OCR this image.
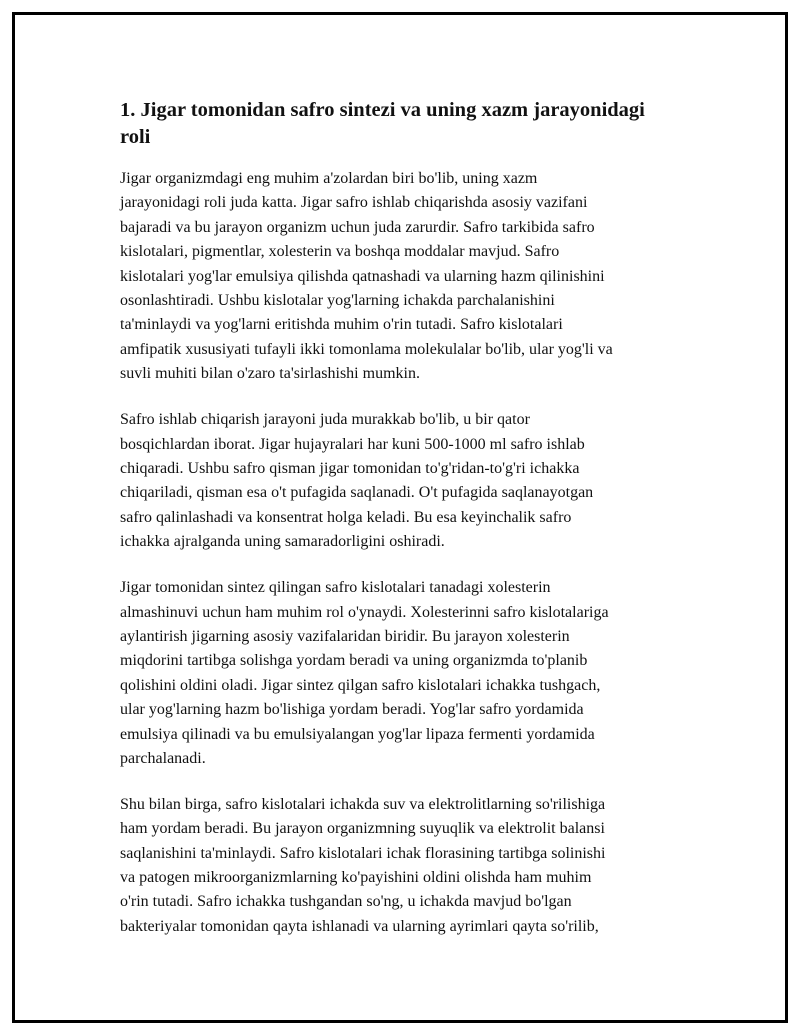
1. Jigar tomonidan safro sintezi va uning xazm jarayonidagi
roli

Jigar organizmdagi eng muhim a'zolardan biri bo'lib, uning xazm
jarayonidagi roli juda katta. Jigar safro ishlab chiqarishda asosiy vazifani
bajaradi va bu jarayon organizm uchun juda zarurdir. Safro tarkibida safro
kislotalari, pigmentlar, xolesterin va boshqa moddalar mavjud. Safro
kislotalari yog'lar emulsiya qilishda qatnashadi va ularning hazm qilinishini
osonlashtiradi. Ushbu kislotalar yog'larning ichakda parchalanishini
ta'minlaydi va yog'larni eritishda muhim o'rin tutadi. Safro kislotalari
amfipatik xususiyati tufayli ikki tomonlama molekulalar bo'lib, ular yog'li va
suvli muhiti bilan o'zaro ta'sirlashishi mumkin.

Safro ishlab chiqarish jarayoni juda murakkab bo'lib, u bir qator
bosqichlardan iborat. Jigar hujayralari har kuni 500-1000 ml safro ishlab
chiqaradi. Ushbu safro qisman jigar tomonidan to'g'ridan-to'g'ri ichakka
chiqariladi, qisman esa o't pufagida saqlanadi. O't pufagida saqlanayotgan
safro qalinlashadi va konsentrat holga keladi. Bu esa keyinchalik safro
ichakka ajralganda uning samaradorligini oshiradi.

Jigar tomonidan sintez qilingan safro kislotalari tanadagi xolesterin
almashinuvi uchun ham muhim rol o'ynaydi. Xolesterinni safro kislotalariga
aylantirish jigarning asosiy vazifalaridan biridir. Bu jarayon xolesterin
miqdorini tartibga solishga yordam beradi va uning organizmda to'planib
qolishini oldini oladi. Jigar sintez qilgan safro kislotalari ichakka tushgach,
ular yog'larning hazm bo'lishiga yordam beradi. Yog'lar safro yordamida
emulsiya qilinadi va bu emulsiyalangan yog'lar lipaza fermenti yordamida
parchalanadi.

Shu bilan birga, safro kislotalari ichakda suv va elektrolitlarning so'rilishiga
ham yordam beradi. Bu jarayon organizmning suyuqlik va elektrolit balansi
saqlanishini ta'minlaydi. Safro kislotalari ichak florasining tartibga solinishi
va patogen mikroorganizmlarning ko'payishini oldini olishda ham muhim
o'rin tutadi. Safro ichakka tushgandan so'ng, u ichakda mavjud bo'lgan
bakteriyalar tomonidan qayta ishlanadi va ularning ayrimlari qayta so'rilib,
